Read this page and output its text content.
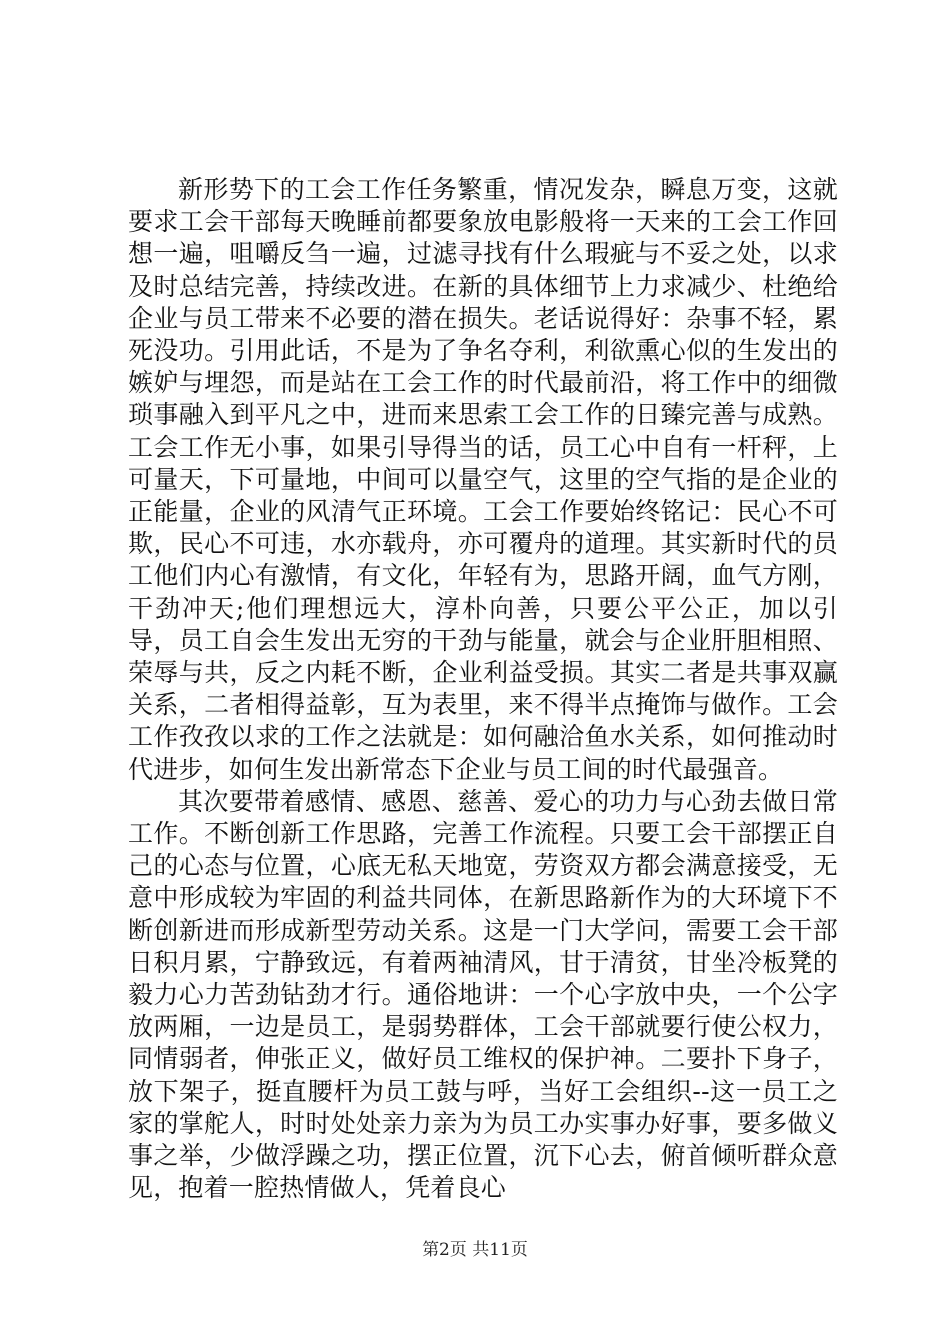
新形势下的工会工作任务繁重，情况发杂，瞬息万变，这就要求工会干部每天晚睡前都要象放电影般将一天来的工会工作回想一遍，咀嚼反刍一遍，过滤寻找有什么瑕疵与不妥之处，以求及时总结完善，持续改进。在新的具体细节上力求减少、杜绝给企业与员工带来不必要的潜在损失。老话说得好：杂事不轻，累死没功。引用此话，不是为了争名夺利，利欲熏心似的生发出的嫉妒与埋怨，而是站在工会工作的时代最前沿，将工作中的细微琐事融入到平凡之中，进而来思索工会工作的日臻完善与成熟。工会工作无小事，如果引导得当的话，员工心中自有一杆秤，上可量天，下可量地，中间可以量空气，这里的空气指的是企业的正能量，企业的风清气正环境。工会工作要始终铭记：民心不可欺，民心不可违，水亦载舟，亦可覆舟的道理。其实新时代的员工他们内心有激情，有文化，年轻有为，思路开阔，血气方刚，干劲冲天;他们理想远大，淳朴向善，只要公平公正，加以引导，员工自会生发出无穷的干劲与能量，就会与企业肝胆相照、荣辱与共，反之内耗不断，企业利益受损。其实二者是共事双赢关系，二者相得益彰，互为表里，来不得半点掩饰与做作。工会工作孜孜以求的工作之法就是：如何融洽鱼水关系，如何推动时代进步，如何生发出新常态下企业与员工间的时代最强音。

其次要带着感情、感恩、慈善、爱心的功力与心劲去做日常工作。不断创新工作思路，完善工作流程。只要工会干部摆正自己的心态与位置，心底无私天地宽，劳资双方都会满意接受，无意中形成较为牢固的利益共同体，在新思路新作为的大环境下不断创新进而形成新型劳动关系。这是一门大学问，需要工会干部日积月累，宁静致远，有着两袖清风，甘于清贫，甘坐冷板凳的毅力心力苦劲钻劲才行。通俗地讲：一个心字放中央，一个公字放两厢，一边是员工，是弱势群体，工会干部就要行使公权力，同情弱者，伸张正义，做好员工维权的保护神。二要扑下身子，放下架子，挺直腰杆为员工鼓与呼，当好工会组织--这一员工之家的掌舵人，时时处处亲力亲为为员工办实事办好事，要多做义事之举，少做浮躁之功，摆正位置，沉下心去，俯首倾听群众意见，抱着一腔热情做人，凭着良心

第2页 共11页
